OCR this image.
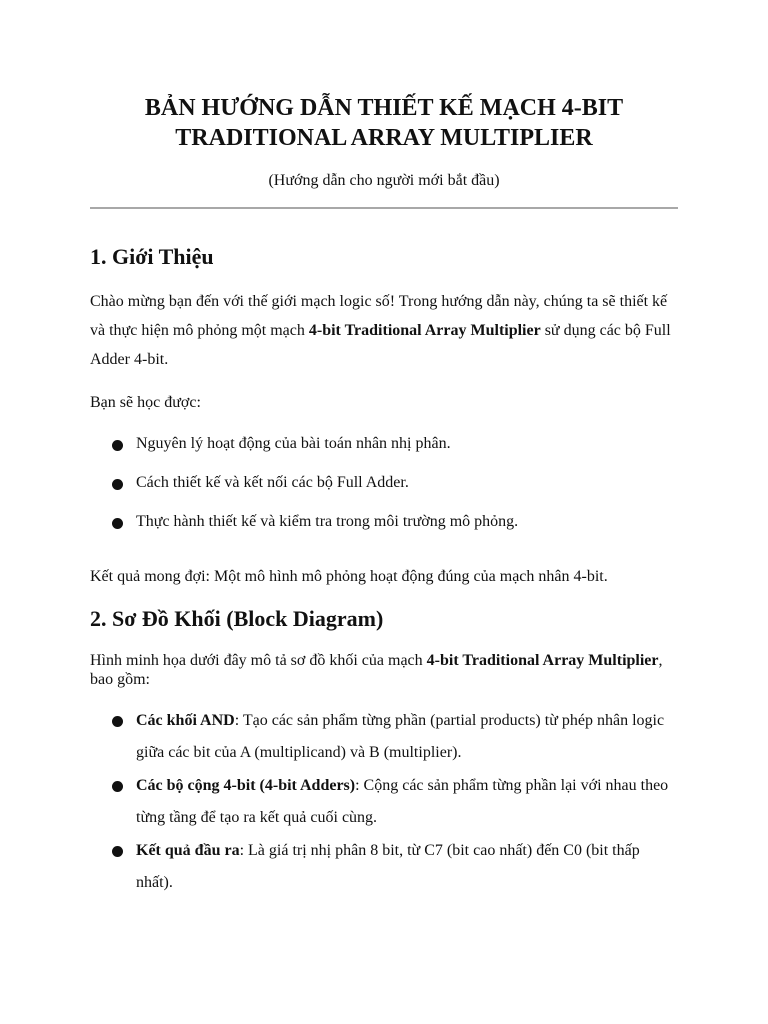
BẢN HƯỚNG DẪN THIẾT KẾ MẠCH 4-BIT
TRADITIONAL ARRAY MULTIPLIER

(Hướng dẫn cho người mới bắt đầu)

1. Giới Thiệu

Chào mừng bạn đến với thế giới mạch logic số! Trong hướng dẫn này, chúng ta sẽ thiết kế và thực hiện mô phỏng một mạch 4-bit Traditional Array Multiplier sử dụng các bộ Full Adder 4-bit.

Bạn sẽ học được:

Nguyên lý hoạt động của bài toán nhân nhị phân.
Cách thiết kế và kết nối các bộ Full Adder.
Thực hành thiết kế và kiểm tra trong môi trường mô phỏng.

Kết quả mong đợi: Một mô hình mô phỏng hoạt động đúng của mạch nhân 4-bit.

2. Sơ Đồ Khối (Block Diagram)

Hình minh họa dưới đây mô tả sơ đồ khối của mạch 4-bit Traditional Array Multiplier, bao gồm:

Các khối AND: Tạo các sản phẩm từng phần (partial products) từ phép nhân logic giữa các bit của A (multiplicand) và B (multiplier).
Các bộ cộng 4-bit (4-bit Adders): Cộng các sản phẩm từng phần lại với nhau theo từng tầng để tạo ra kết quả cuối cùng.
Kết quả đầu ra: Là giá trị nhị phân 8 bit, từ C7 (bit cao nhất) đến C0 (bit thấp nhất).
